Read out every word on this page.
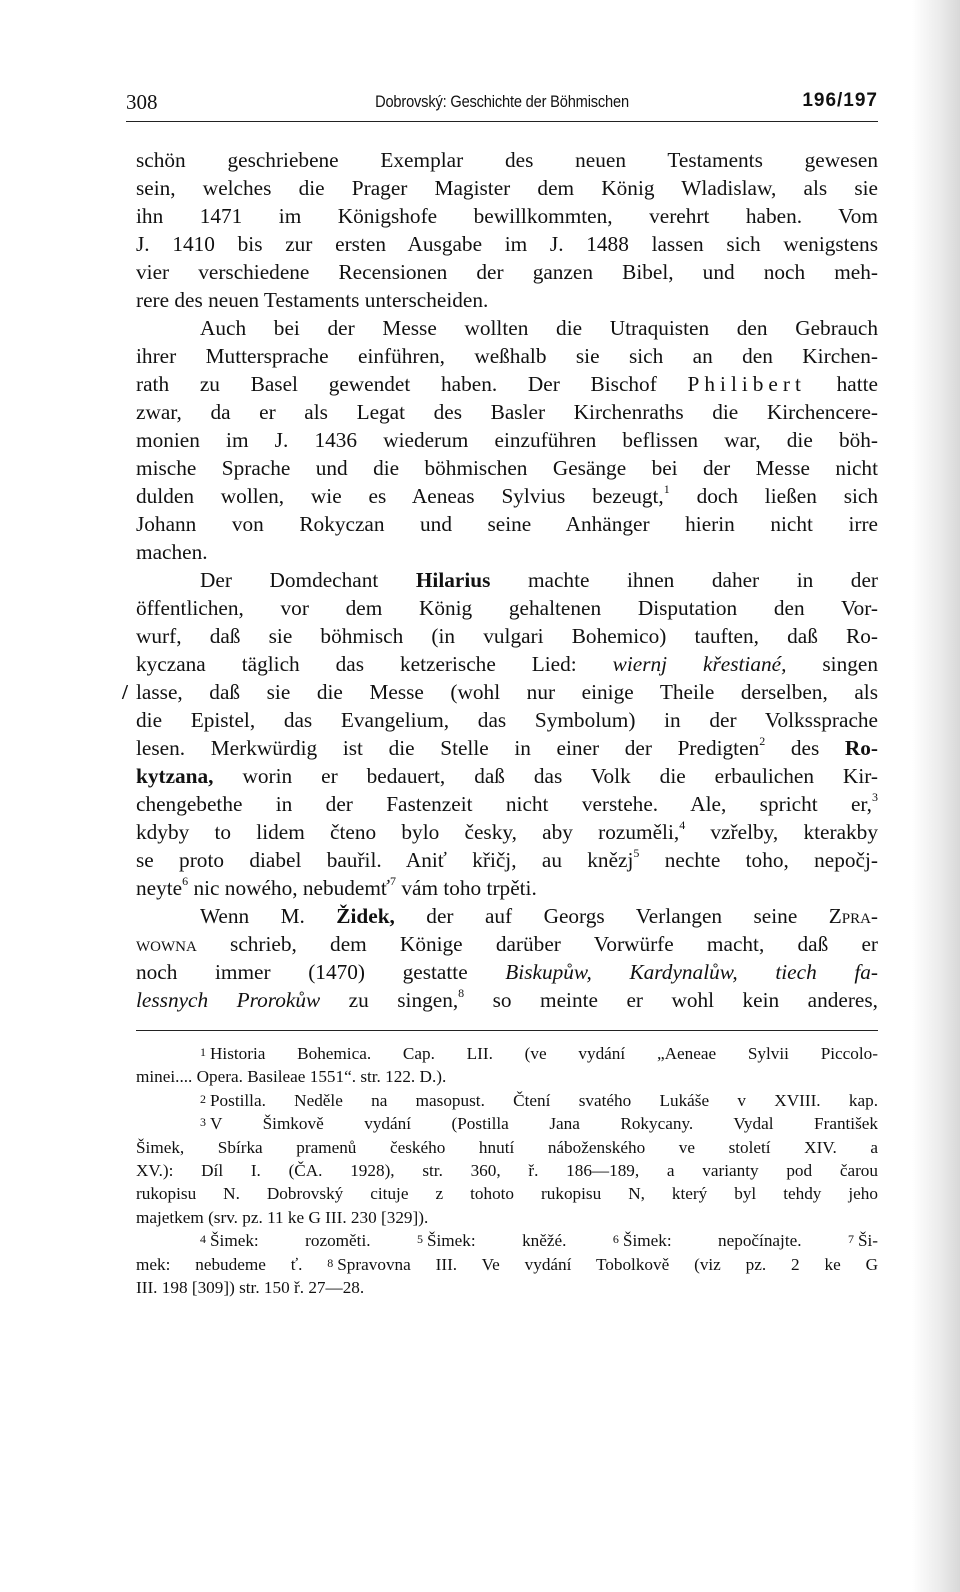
308	Dobrovský: Geschichte der Böhmischen	196/197
schön geschriebene Exemplar des neuen Testaments gewesen
sein, welches die Prager Magister dem König Wladislaw, als sie
ihn 1471 im Königshofe bewillkommten, verehrt haben. Vom
J. 1410 bis zur ersten Ausgabe im J. 1488 lassen sich wenigstens
vier verschiedene Recensionen der ganzen Bibel, und noch meh-
rere des neuen Testaments unterscheiden.
Auch bei der Messe wollten die Utraquisten den Gebrauch
ihrer Muttersprache einführen, weßhalb sie sich an den Kirchen-
rath zu Basel gewendet haben. Der Bischof Philibert hatte
zwar, da er als Legat des Basler Kirchenraths die Kirchencere-
monien im J. 1436 wiederum einzuführen beflissen war, die böh-
mische Sprache und die böhmischen Gesänge bei der Messe nicht
dulden wollen, wie es Aeneas Sylvius bezeugt,$^1$ doch ließen sich
Johann von Rokyczan und seine Anhänger hierin nicht irre
machen.
Der Domdechant Hilarius machte ihnen daher in der
öffentlichen, vor dem König gehaltenen Disputation den Vor-
wurf, daß sie böhmisch (in vulgari Bohemico) tauften, daß Ro-
kyczana täglich das ketzerische Lied: wiernj křestiané, singen
/ lasse, daß sie die Messe (wohl nur einige Theile derselben, als
die Epistel, das Evangelium, das Symbolum) in der Volkssprache
lesen. Merkwürdig ist die Stelle in einer der Predigten$^2$ des Ro-
kytzana, worin er bedauert, daß das Volk die erbaulichen Kir-
chengebethe in der Fastenzeit nicht verstehe. Ale, spricht er,$^3$
kdyby to lidem čteno bylo česky, aby rozuměli,$^4$ vzřelby, kterakby
se proto diabel bauřil. Aniť křičj, au knězj$^5$ nechte toho, nepočj-
neyte$^6$ nic nowého, nebudemť$^7$ vám toho trpěti.
Wenn M. Židek, der auf Georgs Verlangen seine Zpra-
wowna schrieb, dem Könige darüber Vorwürfe macht, daß er
noch immer (1470) gestatte Biskupůw, Kardynalůw, tiech fa-
lessnych Prorokůw zu singen,$^8$ so meinte er wohl kein anderes,
1 Historia Bohemica. Cap. LII. (ve vydání „Aeneae Sylvii Piccolo-
minei.... Opera. Basileae 1551“. str. 122. D.).
2 Postilla. Neděle na masopust. Čtení svatého Lukáše v XVIII. kap.
3 V Šimkově vydání (Postilla Jana Rokycany. Vydal František
Šimek, Sbírka pramenů českého hnutí náboženského ve století XIV. a
XV.): Díl I. (ČA. 1928), str. 360, ř. 186—189, a varianty pod čarou
rukopisu N. Dobrovský cituje z tohoto rukopisu N, který byl tehdy jeho
majetkem (srv. pz. 11 ke G III. 230 [329]).
4 Šimek: rozoměti.	5 Šimek: kněžé.	6 Šimek: nepočínajte.	7 Ši-
mek: nebudeme ť. 8 Spravovna III. Ve vydání Tobolkově (viz pz. 2 ke G
III. 198 [309]) str. 150 ř. 27—28.
